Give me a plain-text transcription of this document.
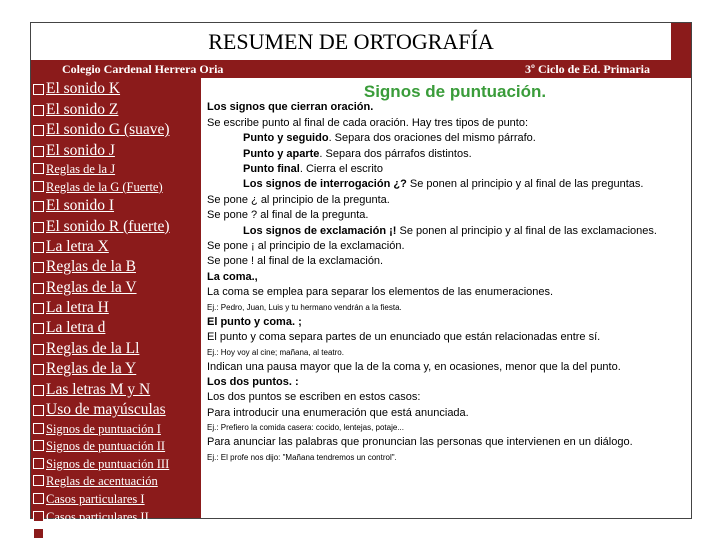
RESUMEN DE ORTOGRAFÍA
Colegio Cardenal Herrera Oria	3º Ciclo de Ed. Primaria
El sonido K
El sonido Z
El sonido G (suave)
El sonido J
Reglas de la J
Reglas de la G (Fuerte)
El sonido I
El sonido R (fuerte)
La letra X
Reglas de la B
Reglas de la V
La letra H
La letra d
Reglas de la Ll
Reglas de la Y
Las letras M y N
Uso de mayúsculas
Signos de puntuación I
Signos de puntuación II
Signos de puntuación III
Reglas de acentuación
Casos particulares I
Casos particulares II
Casos particulares III
Signos de puntuación.

Los signos que cierran oración.

Se escribe punto al final de cada oración. Hay tres tipos de punto:

Punto y seguido. Separa dos oraciones del mismo párrafo.

Punto y aparte. Separa dos párrafos distintos.

Punto final. Cierra el escrito

Los signos de interrogación ¿? Se ponen al principio y al final de las preguntas.

Se pone ¿ al principio de la pregunta.

Se pone ? al final de la pregunta.

Los signos de exclamación ¡! Se ponen al principio y al final de las exclamaciones.

Se pone ¡ al principio de la exclamación.

Se pone ! al final de la exclamación.

La coma.,

La coma se emplea para separar los elementos de las enumeraciones.

Ej.: Pedro, Juan, Luis y tu hermano vendrán a la fiesta.

El punto y coma. ;

El punto y coma separa partes de un enunciado que están relacionadas entre sí.

Ej.: Hoy voy al cine; mañana, al teatro.

Indican una pausa mayor que la de la coma y, en ocasiones, menor que la del punto.

Los dos puntos. :

Los dos puntos se escriben en estos casos:

Para introducir una enumeración que está anunciada.

Ej.: Prefiero la comida casera: cocido, lentejas, potaje...

Para anunciar las palabras que pronuncian las personas que intervienen en un diálogo.

Ej.: El profe nos dijo: "Mañana tendremos un control".
